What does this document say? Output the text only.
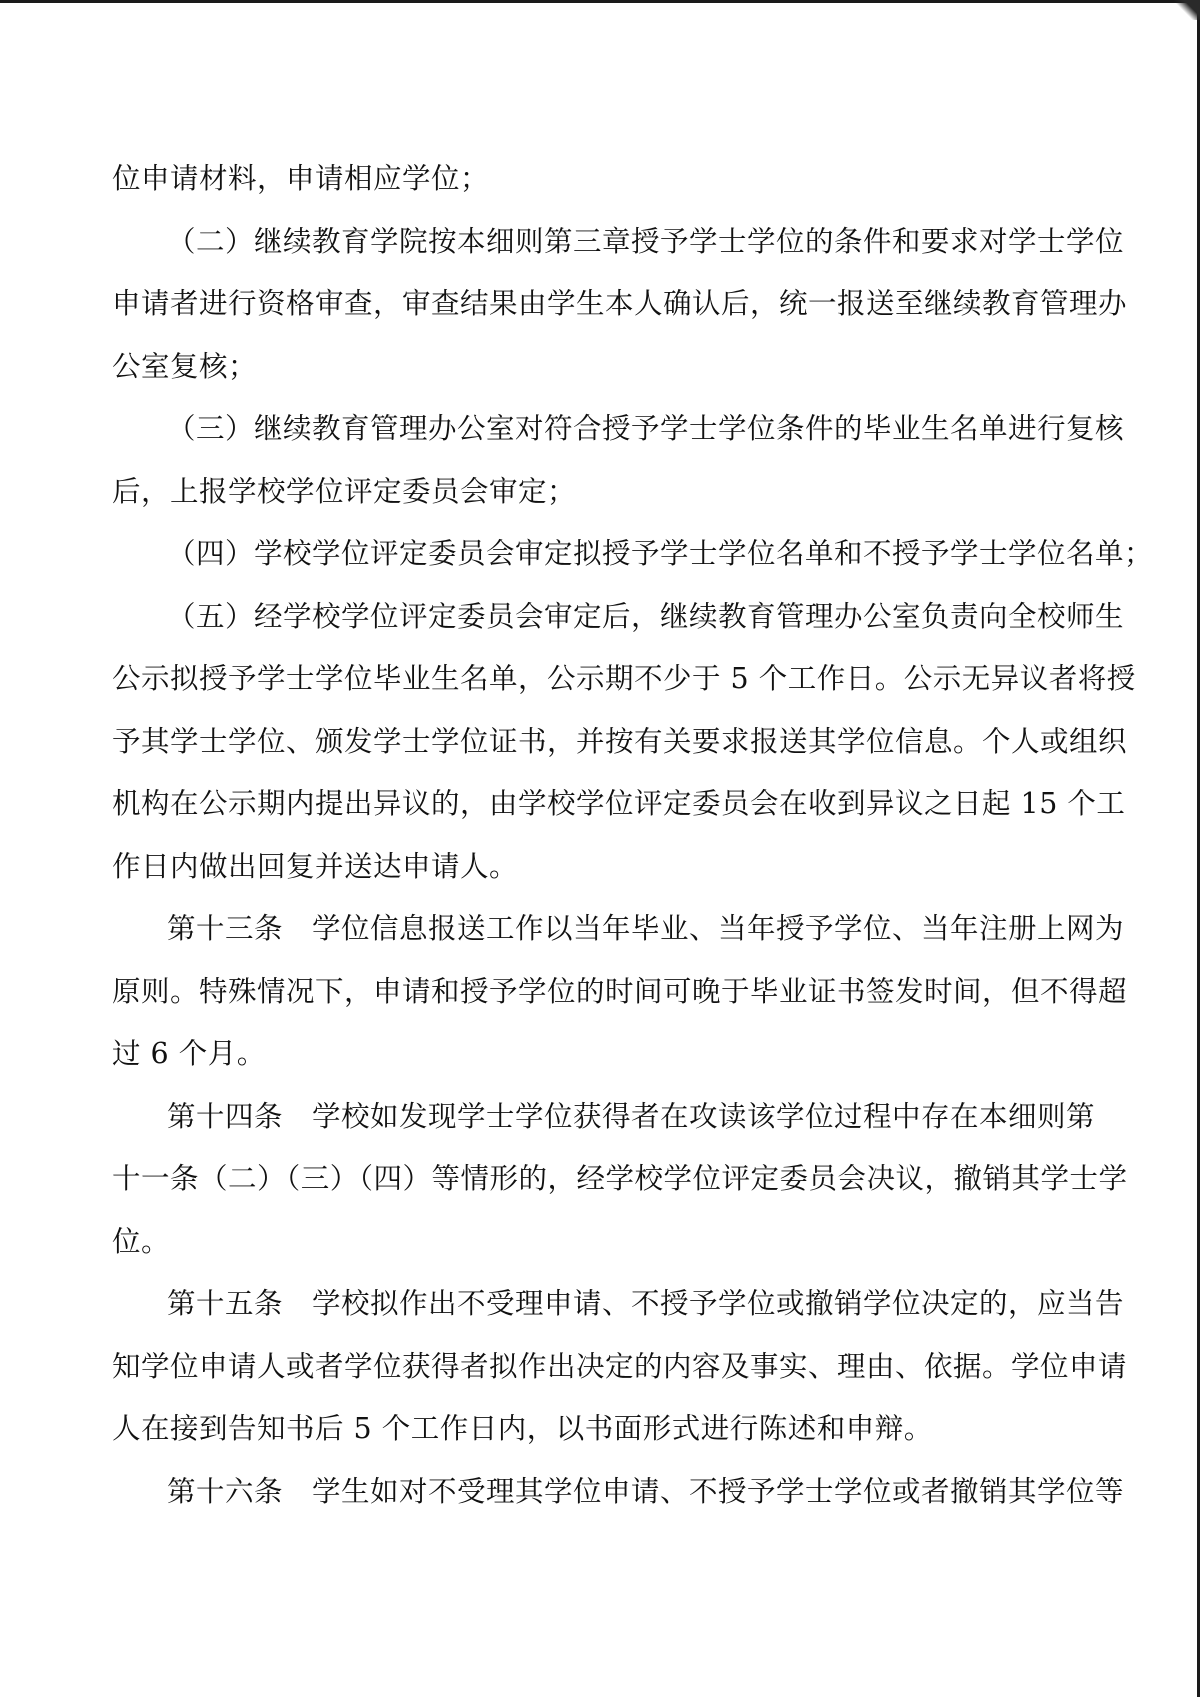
位申请材料，申请相应学位；
（二）继续教育学院按本细则第三章授予学士学位的条件和要求对学士学位
申请者进行资格审查，审查结果由学生本人确认后，统一报送至继续教育管理办
公室复核；
（三）继续教育管理办公室对符合授予学士学位条件的毕业生名单进行复核
后，上报学校学位评定委员会审定；
（四）学校学位评定委员会审定拟授予学士学位名单和不授予学士学位名单；
（五）经学校学位评定委员会审定后，继续教育管理办公室负责向全校师生
公示拟授予学士学位毕业生名单，公示期不少于 5 个工作日。公示无异议者将授
予其学士学位、颁发学士学位证书，并按有关要求报送其学位信息。个人或组织
机构在公示期内提出异议的，由学校学位评定委员会在收到异议之日起 15 个工
作日内做出回复并送达申请人。
第十三条　学位信息报送工作以当年毕业、当年授予学位、当年注册上网为
原则。特殊情况下，申请和授予学位的时间可晚于毕业证书签发时间，但不得超
过 6 个月。
第十四条　学校如发现学士学位获得者在攻读该学位过程中存在本细则第
十一条（二）（三）（四）等情形的，经学校学位评定委员会决议，撤销其学士学
位。
第十五条　学校拟作出不受理申请、不授予学位或撤销学位决定的，应当告
知学位申请人或者学位获得者拟作出决定的内容及事实、理由、依据。学位申请
人在接到告知书后 5 个工作日内，以书面形式进行陈述和申辩。
第十六条　学生如对不受理其学位申请、不授予学士学位或者撤销其学位等
